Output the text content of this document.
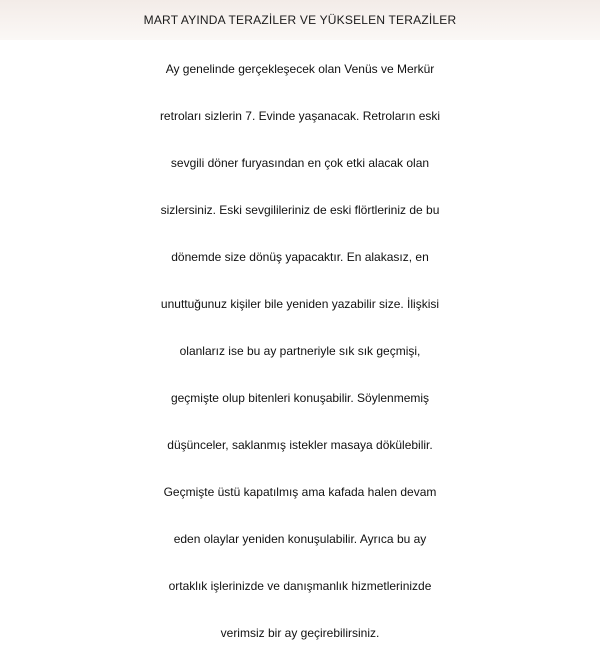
MART AYINDA TERAZİLER VE YÜKSELEN TERAZİLER

Ay genelinde gerçekleşecek olan Venüs ve Merkür
retroları sizlerin 7. Evinde yaşanacak. Retroların eski
sevgili döner furyasından en çok etki alacak olan
sizlersiniz. Eski sevgilileriniz de eski flörtleriniz de bu
dönemde size dönüş yapacaktır. En alakasız, en
unuttuğunuz kişiler bile yeniden yazabilir size. İlişkisi
olanlarız ise bu ay partneriyle sık sık geçmişi,
geçmişte olup bitenleri konuşabilir. Söylenmemiş
düşünceler, saklanmış istekler masaya dökülebilir.
Geçmişte üstü kapatılmış ama kafada halen devam
eden olaylar yeniden konuşulabilir. Ayrıca bu ay
ortaklık işlerinizde ve danışmanlık hizmetlerinizde
verimsiz bir ay geçirebilirsiniz.
